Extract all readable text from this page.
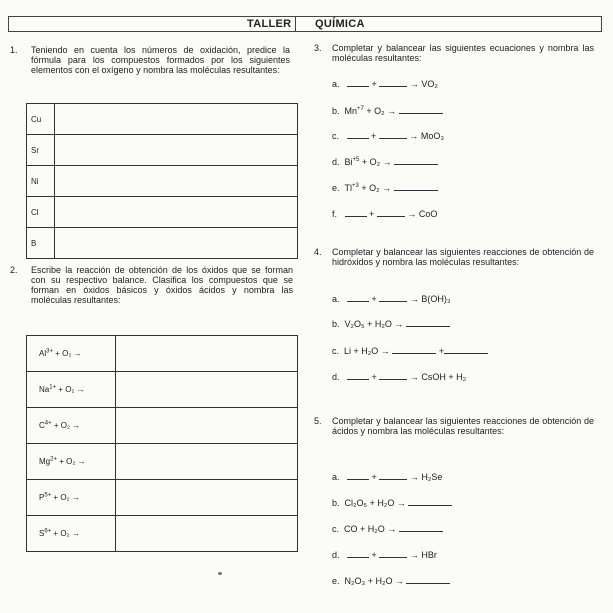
TALLER QUÍMICA
1. Teniendo en cuenta los números de oxidación, predice la fórmula para los compuestos formados por los siguientes elementos con el oxígeno y nombra las moléculas resultantes:
Cu	
Sr	
Ni	
Cl	
B	
2. Escribe la reacción de obtención de los óxidos que se forman con su respectivo balance. Clasifica los compuestos que se forman en óxidos básicos y óxidos ácidos y nombra las moléculas resultantes:
$Al^{3+} + O_2$ →	
$Na^{1+} + O_2$ →	
$C^{4+} + O_2$ →	
$Mg^{2+} + O_2$ →	
$P^{5+} + O_2$ →	
$S^{6+} + O_2$ →	
3. Completar y balancear las siguientes ecuaciones y nombra las moléculas resultantes:
a.	+	→ VO₂
b. $Mn^{+7} + O_2$ →
c.	+	→ MoO₃
d. $Bi^{+5} + O_2$ →
e. $Tl^{+3} + O_2$ →
f.	+	→ CoO
4. Completar y balancear las siguientes reacciones de obtención de hidróxidos y nombra las moléculas resultantes:
a.	+	→ B(OH)₃
b. V₂O₅ + H₂O →
c. Li + H₂O →	+
d.	+	→ CsOH + H₂
5. Completar y balancear las siguientes reacciones de obtención de ácidos y nombra las moléculas resultantes:
a.	+	→ H₂Se
b. Cl₂O₅ + H₂O →
c. CO + H₂O →
d.	+	→ HBr
e. N₂O₃ + H₂O →
